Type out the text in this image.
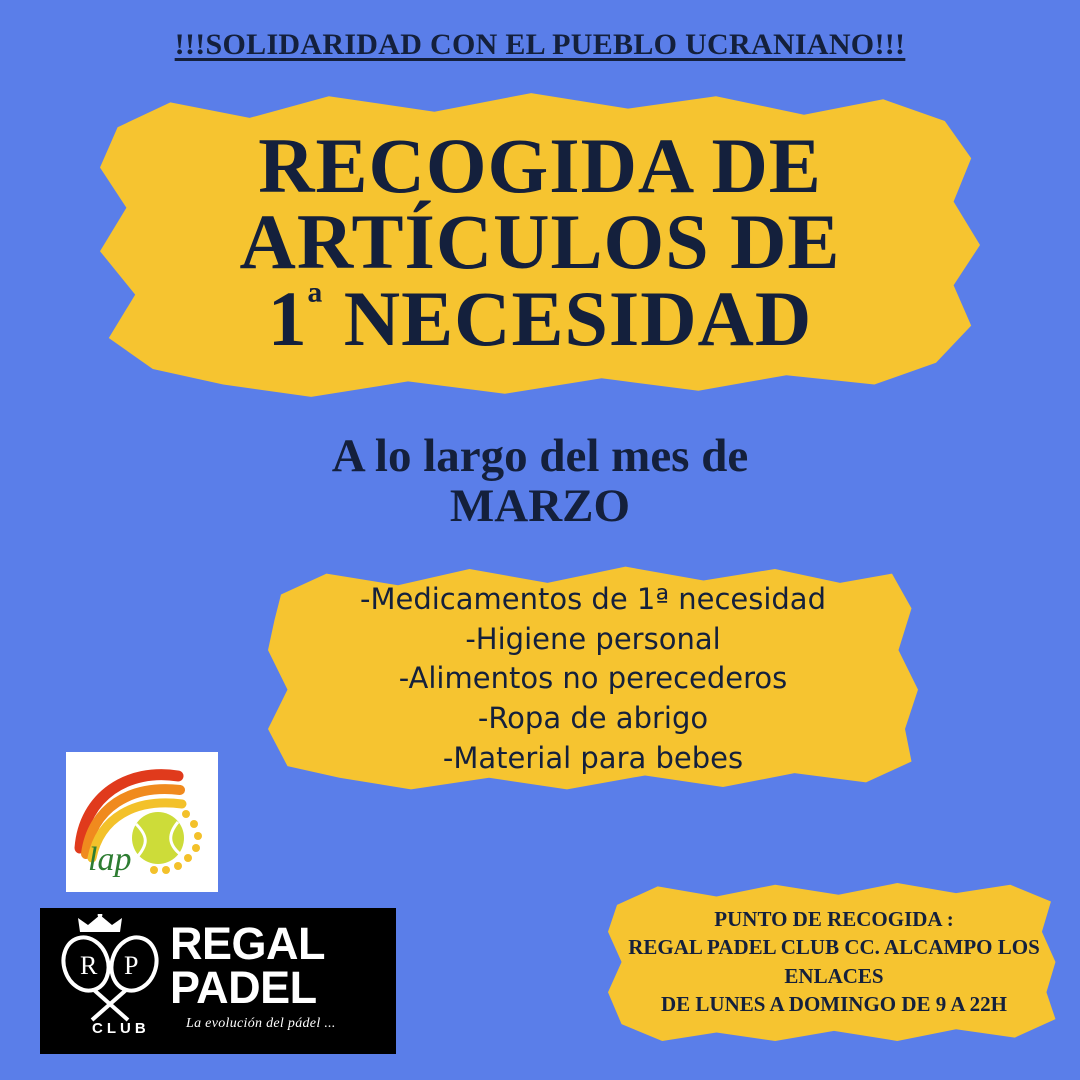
!!!SOLIDARIDAD CON EL PUEBLO UCRANIANO!!!
RECOGIDA DE
ARTÍCULOS DE
$1^ª$ NECESIDAD
A lo largo del mes de
MARZO
-Medicamentos de 1ª necesidad
-Higiene personal
-Alimentos no perecederos
-Ropa de abrigo
-Material para bebes
lap
R P
CLUB
REGAL
PADEL
La evolución del pádel ...
PUNTO DE RECOGIDA :
REGAL PADEL CLUB CC. ALCAMPO LOS
ENLACES
DE LUNES A DOMINGO DE 9 A 22H
